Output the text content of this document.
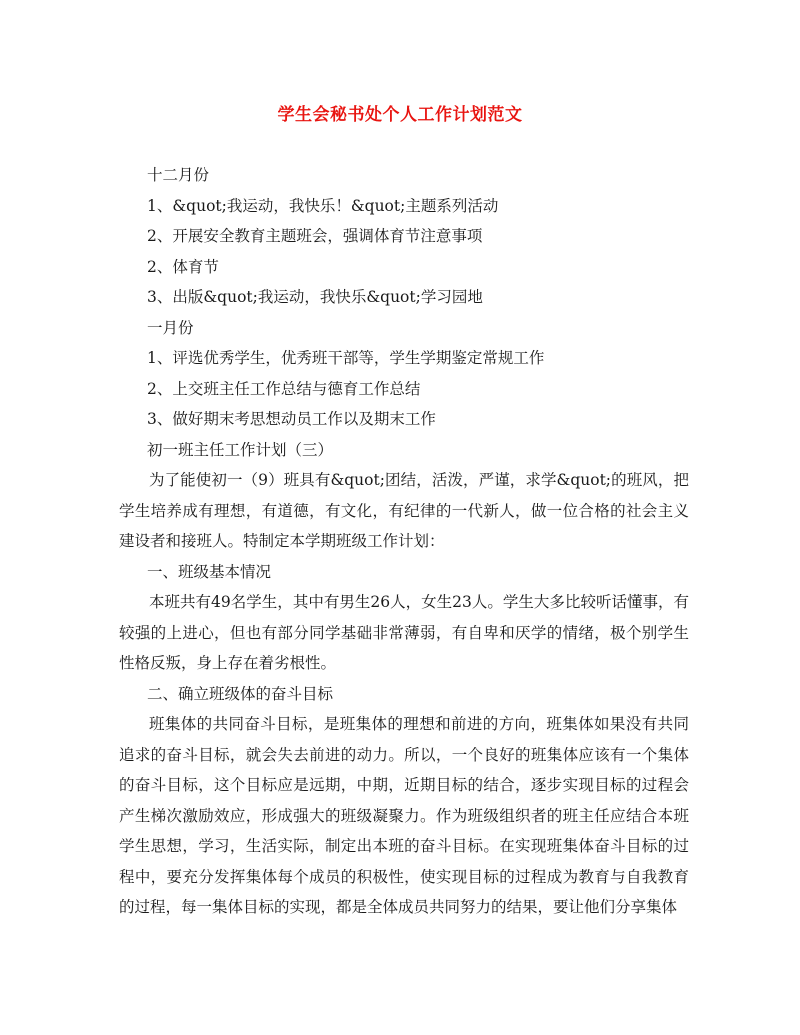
学生会秘书处个人工作计划范文
十二月份
1、&quot;我运动，我快乐！&quot;主题系列活动
2、开展安全教育主题班会，强调体育节注意事项
2、体育节
3、出版&quot;我运动，我快乐&quot;学习园地
一月份
1、评选优秀学生，优秀班干部等，学生学期鉴定常规工作
2、上交班主任工作总结与德育工作总结
3、做好期末考思想动员工作以及期末工作
初一班主任工作计划（三）

为了能使初一（9）班具有&quot;团结，活泼，严谨，求学&quot;的班风，把学生培养成有理想，有道德，有文化，有纪律的一代新人，做一位合格的社会主义建设者和接班人。特制定本学期班级工作计划：

一、班级基本情况

本班共有49名学生，其中有男生26人，女生23人。学生大多比较听话懂事，有较强的上进心，但也有部分同学基础非常薄弱，有自卑和厌学的情绪，极个别学生性格反叛，身上存在着劣根性。

二、确立班级体的奋斗目标

班集体的共同奋斗目标，是班集体的理想和前进的方向，班集体如果没有共同追求的奋斗目标，就会失去前进的动力。所以，一个良好的班集体应该有一个集体的奋斗目标，这个目标应是远期，中期，近期目标的结合，逐步实现目标的过程会产生梯次激励效应，形成强大的班级凝聚力。作为班级组织者的班主任应结合本班学生思想，学习，生活实际，制定出本班的奋斗目标。在实现班集体奋斗目标的过程中，要充分发挥集体每个成员的积极性，使实现目标的过程成为教育与自我教育的过程，每一集体目标的实现，都是全体成员共同努力的结果，要让他们分享集体
